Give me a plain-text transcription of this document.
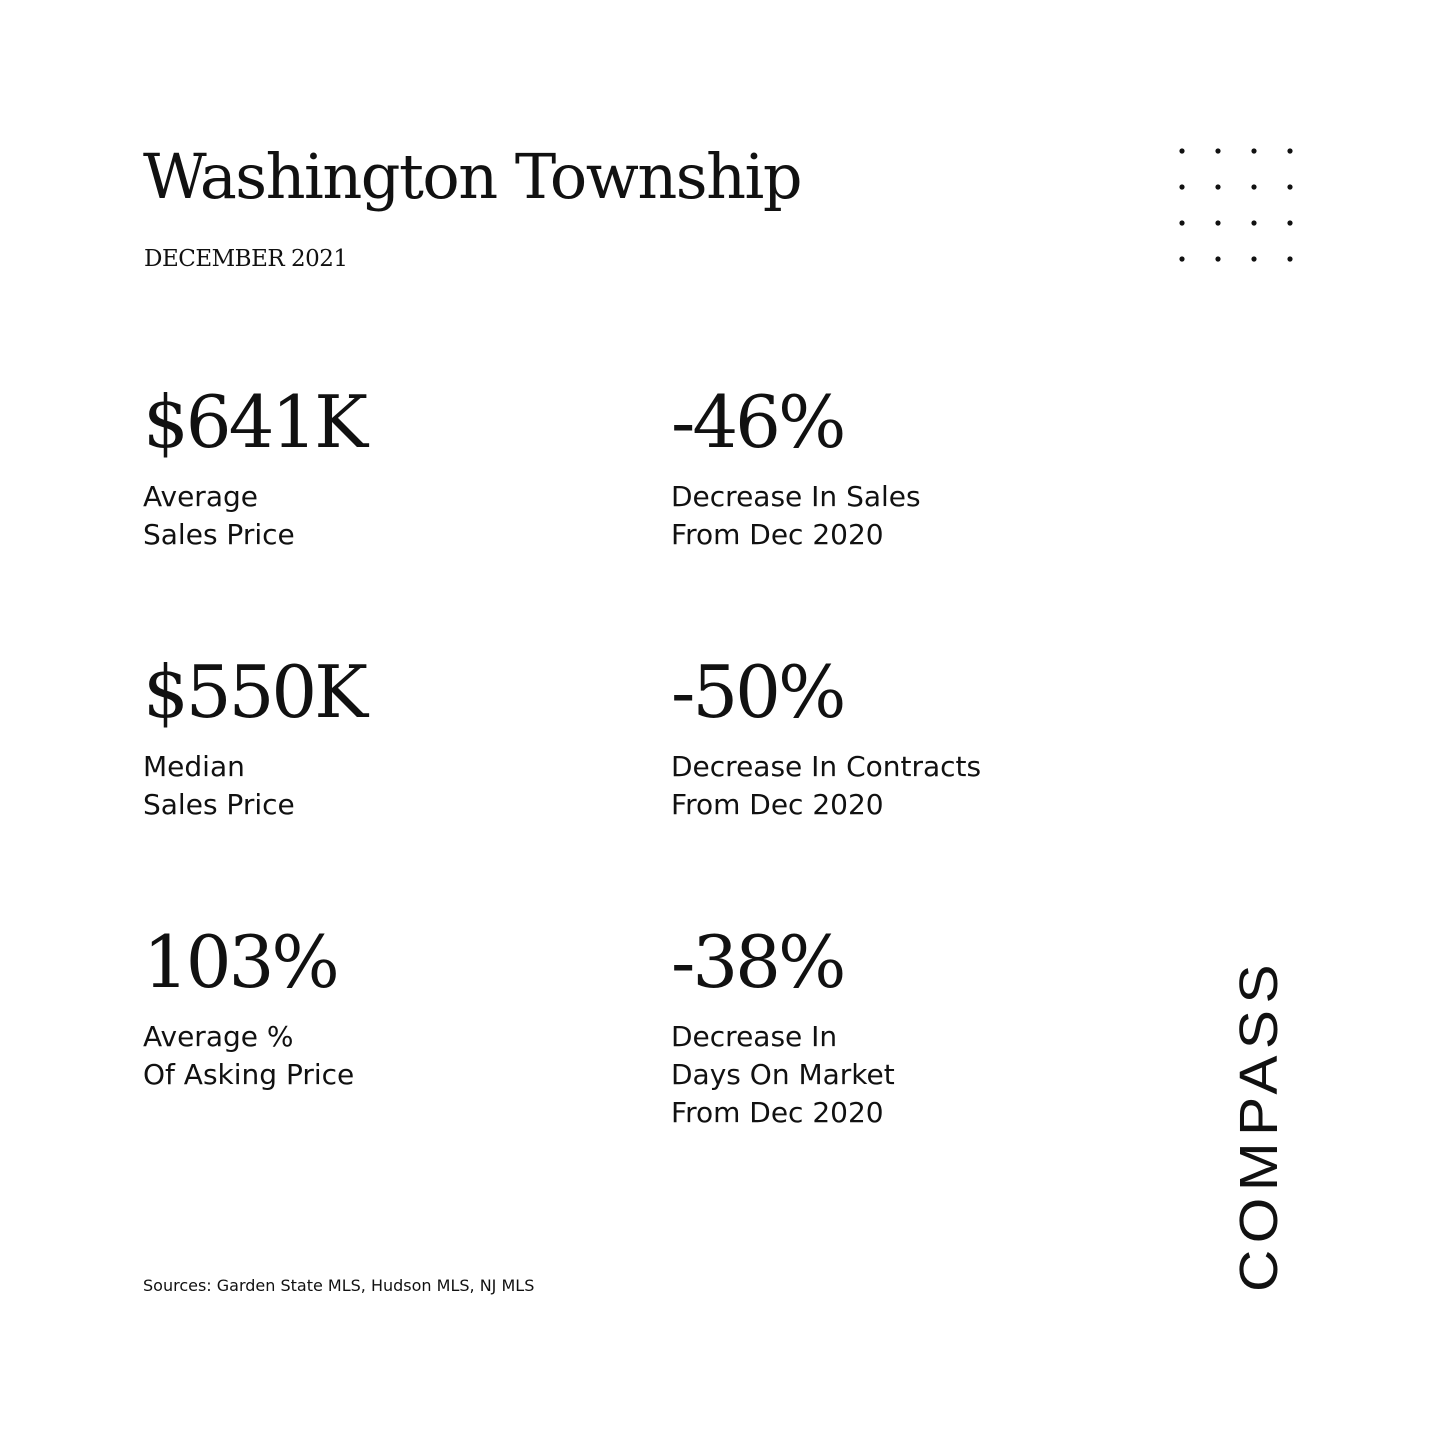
Washington Township
DECEMBER 2021
$641K
Average
Sales Price
-46%
Decrease In Sales
From Dec 2020
$550K
Median
Sales Price
-50%
Decrease In Contracts
From Dec 2020
103%
Average %
Of Asking Price
-38%
Decrease In
Days On Market
From Dec 2020
Sources: Garden State MLS, Hudson MLS, NJ MLS	COMPASS
